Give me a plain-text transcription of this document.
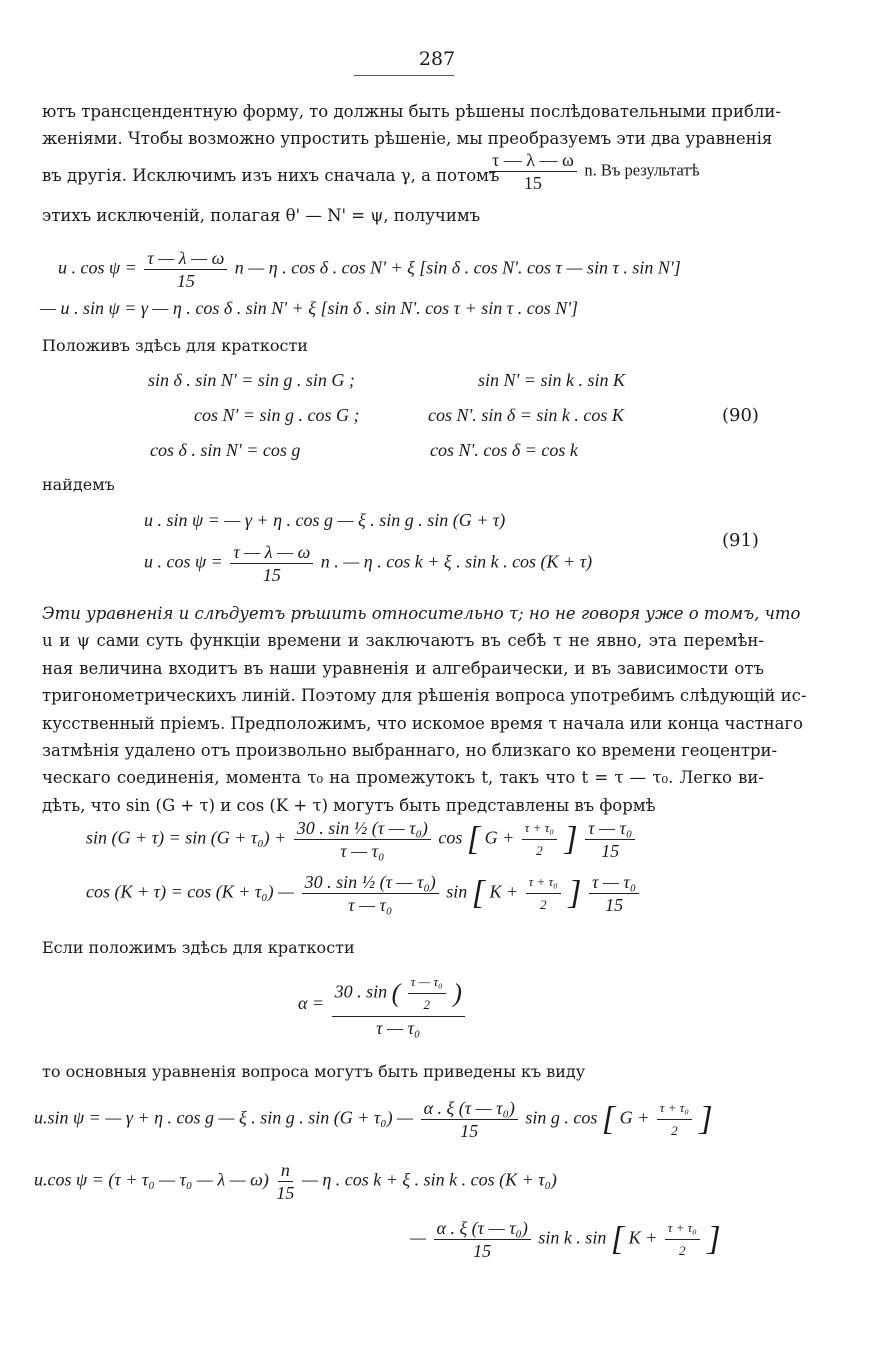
287
ютъ трансцендентную форму, то должны быть рѣшены послѣдовательными прибли-
женіями. Чтобы возможно упростить рѣшеніе, мы преобразуемъ эти два уравненія
въ другія. Исключимъ изъ нихъ сначала γ, а потомъ
$\frac{\tau — \lambda — \omega}{15} n$. Въ результатѣ
этихъ исключеній, полагая θ' — N' = ψ, получимъ
u . $\cos \psi = \frac{\tau — \lambda — \omega}{15}$ n — η . cos δ . cos N' + ξ [sin δ . cos N'. cos τ — sin τ . sin N']
— u . sin ψ = γ — η . cos δ . sin N' + ξ [sin δ . sin N'. cos τ + sin τ . cos N']
Положивъ здѣсь для краткости
sin δ . sin N' = sin g . sin G ;	sin N' = sin k . sin K
cos N' = sin g . cos G ;	cos N'. sin δ = sin k . cos K
cos δ . sin N' = cos g	cos N'. cos δ = cos k
(90)
найдемъ
u . sin ψ = — γ + η . cos g — ξ . sin g . sin (G + τ)
u . $\cos \psi = \frac{\tau — \lambda — \omega}{15}$ n . — η . cos k + ξ . sin k . cos (K + τ)
(91)
Эти уравненія и слѣдуетъ рѣшить относительно τ; но не говоря уже о томъ, что
u и ψ сами суть функціи времени и заключаютъ въ себѣ τ не явно, эта перемѣн-
ная величина входитъ въ наши уравненія и алгебраически, и въ зависимости отъ
тригонометрическихъ линій. Поэтому для рѣшенія вопроса употребимъ слѣдующій ис-
кусственный пріемъ. Предположимъ, что искомое время τ начала или конца частнаго
затмѣнія удалено отъ произвольно выбраннаго, но близкаго ко времени геоцентри-
ческаго соединенія, момента τ₀ на промежутокъ t, такъ что t = τ — τ₀. Легко ви-
дѣть, что sin (G + τ) и cos (K + τ) могутъ быть представлены въ формѣ
$\sin (G + \tau) = \sin (G + \tau_0) + \frac{\text{30 . sin ½ (τ — τ₀)}}{\text{τ — τ₀}}$ cos [ $G + \frac{\text{τ + τ₀}}{2}$ ] $\frac{\text{τ — τ₀}}{15}$
cos (K + τ) = cos (K + τ₀) — $\frac{\text{30 . sin ½ (τ — τ₀)}}{\text{τ — τ₀}}$ sin [ $K + \frac{\text{τ + τ₀}}{2}$ ] $\frac{\text{τ — τ₀}}{15}$
Если положимъ здѣсь для краткости
$\alpha = \frac{30 . \sin ( \frac{\text{τ — τ₀}}{2} )}{\text{τ — τ₀}}$
то основныя уравненія вопроса могутъ быть приведены къ виду
u.sin ψ = — γ + η . cos g — ξ . sin g . sin (G + τ₀) — $\frac{\text{α . ξ (τ — τ₀)}}{15}$ sin g . cos [ $G + \frac{\text{τ + τ₀}}{2}$ ]
u.cos ψ = (τ + τ₀ — τ₀ — λ — $\omega) \frac{n}{15}$ — η . cos k + ξ . sin k . cos (K + τ₀)
— $\frac{\text{α . ξ (τ — τ₀)}}{15}$ sin k . sin [ $K + \frac{\text{τ + τ₀}}{2}$ ]
